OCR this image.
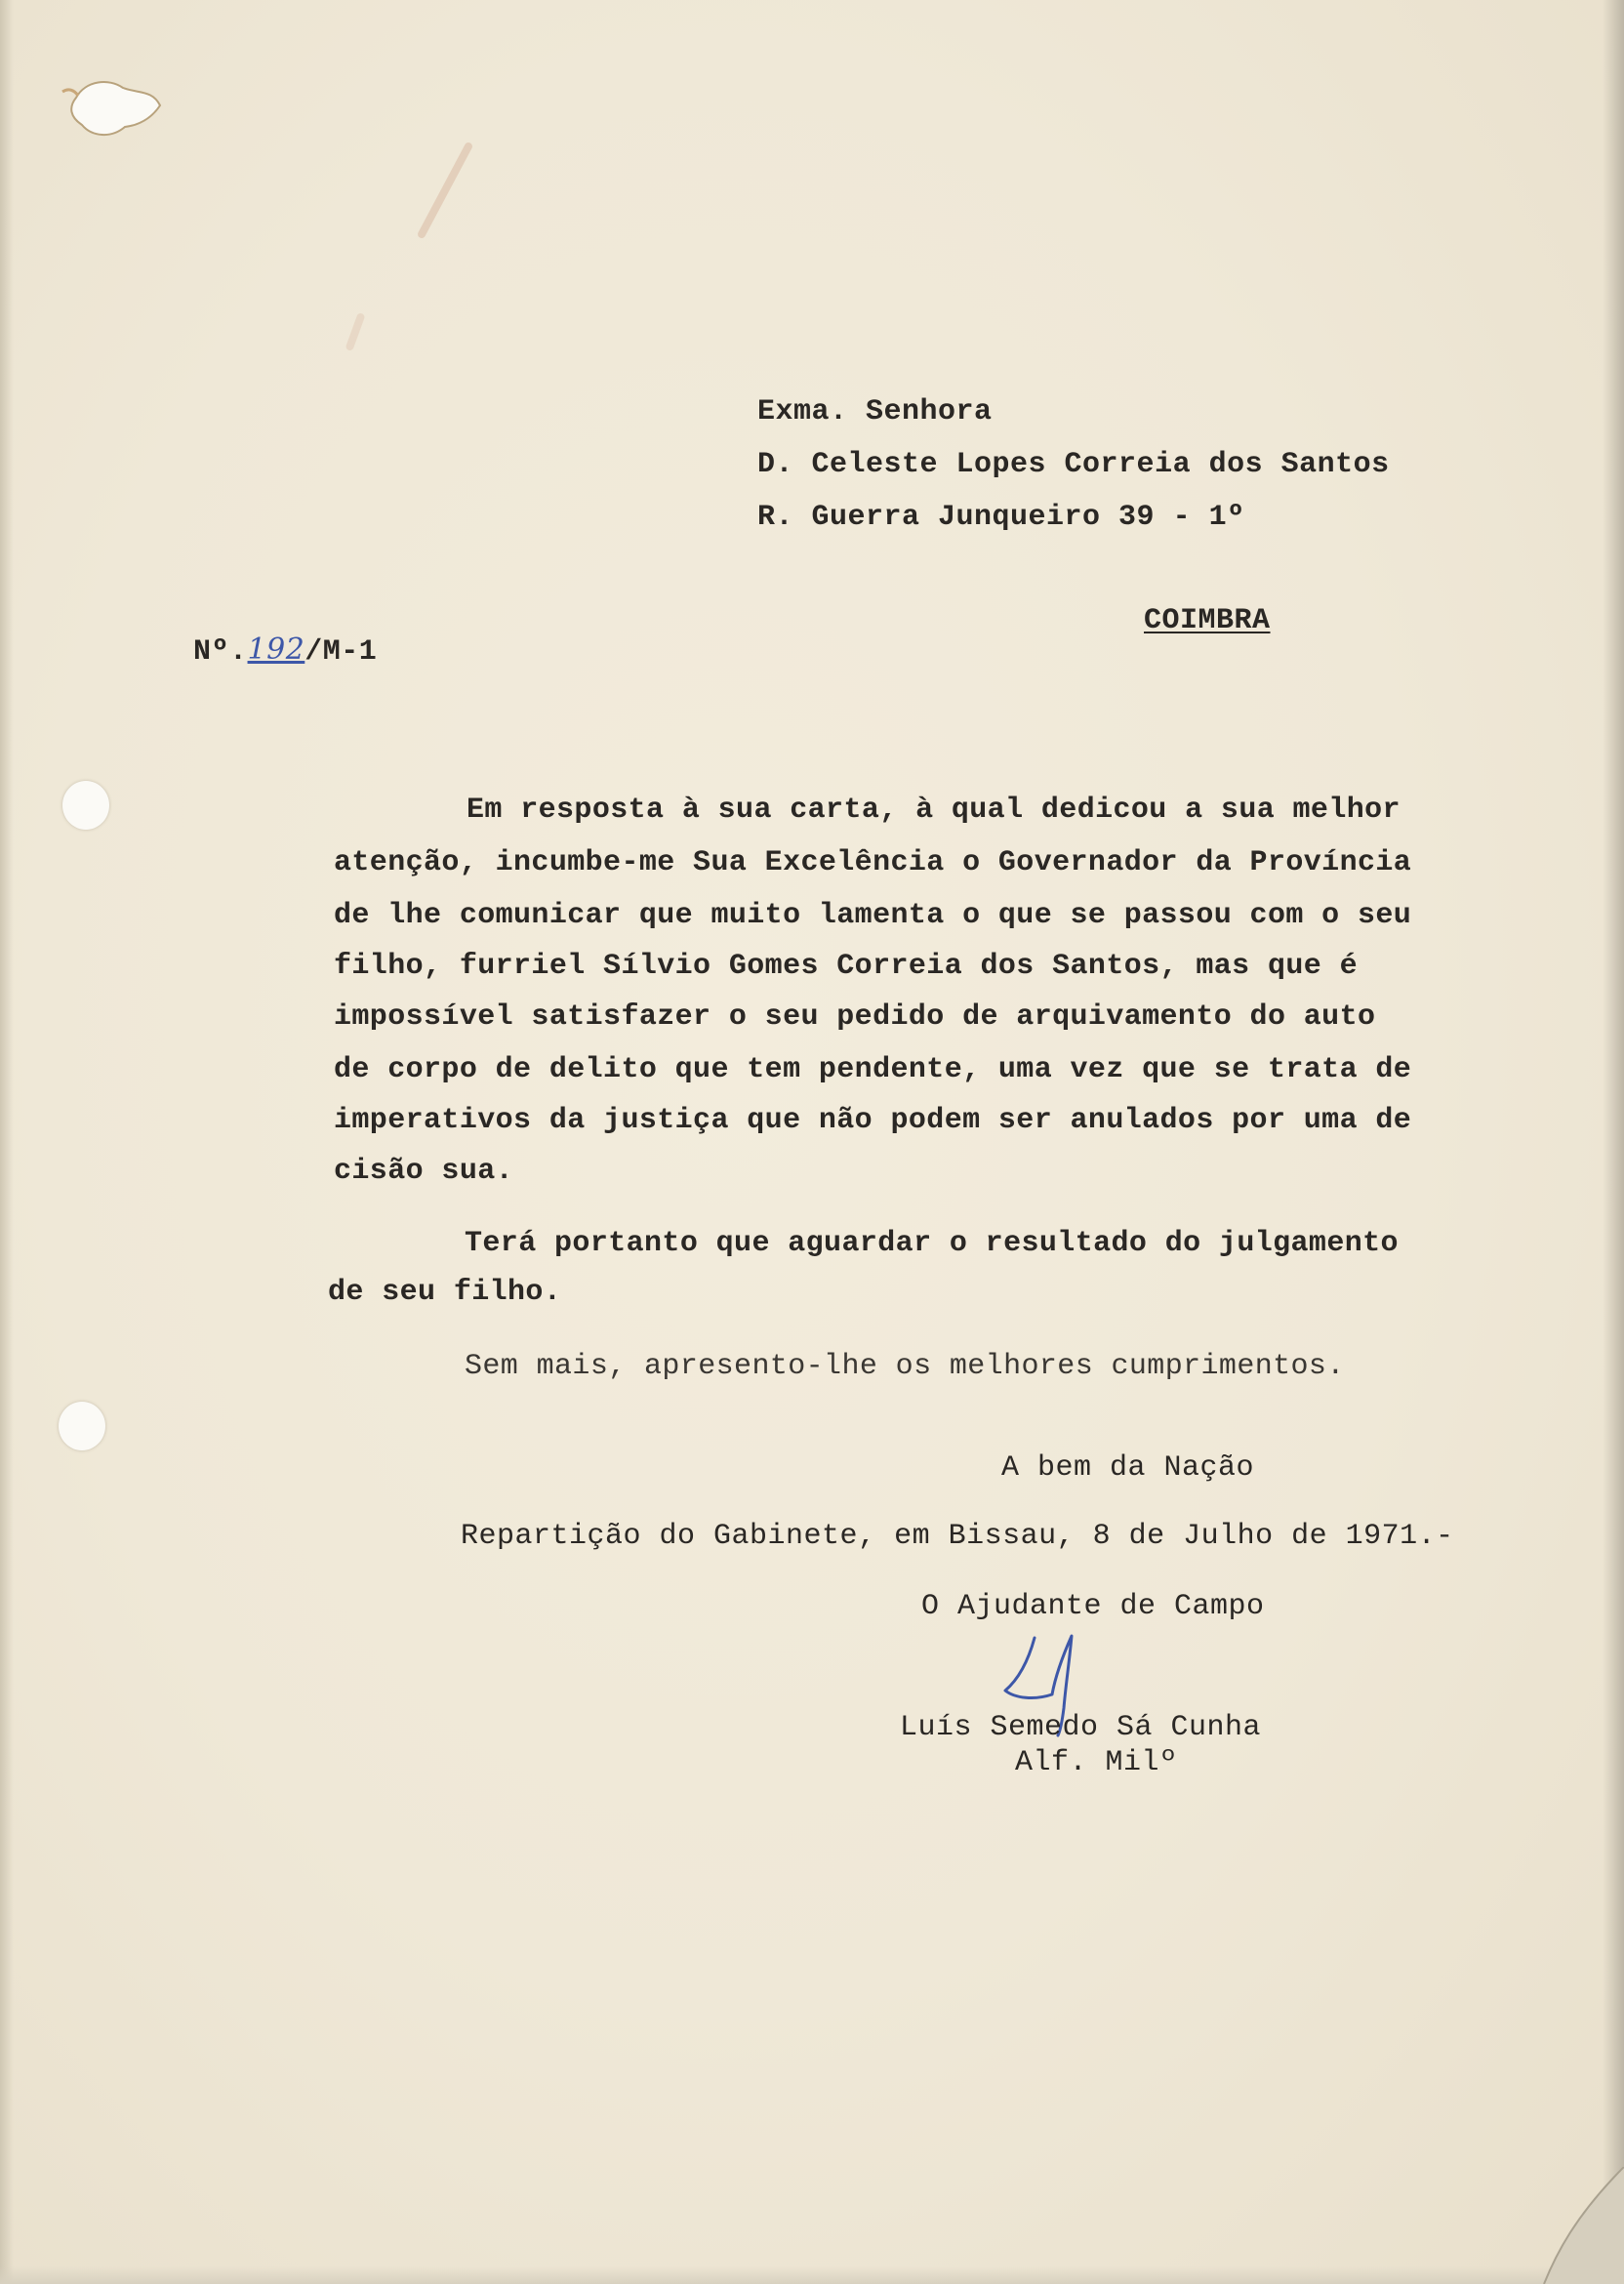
Exma. Senhora
D. Celeste Lopes Correia dos Santos
R. Guerra Junqueiro 39 - 1º

Nº.192/M-1

COIMBRA
Em resposta à sua carta, à qual dedicou a sua melhor
atenção, incumbe-me Sua Excelência o Governador da Província
de lhe comunicar que muito lamenta o que se passou com o seu
filho, furriel Sílvio Gomes Correia dos Santos, mas que é
impossível satisfazer o seu pedido de arquivamento do auto
de corpo de delito que tem pendente, uma vez que se trata de
imperativos da justiça que não podem ser anulados por uma de
cisão sua.
Terá portanto que aguardar o resultado do julgamento
de seu filho.
Sem mais, apresento-lhe os melhores cumprimentos.
A bem da Nação
Repartição do Gabinete, em Bissau, 8 de Julho de 1971.-
O Ajudante de Campo
Luís Semedo Sá Cunha
Alf. Milº
